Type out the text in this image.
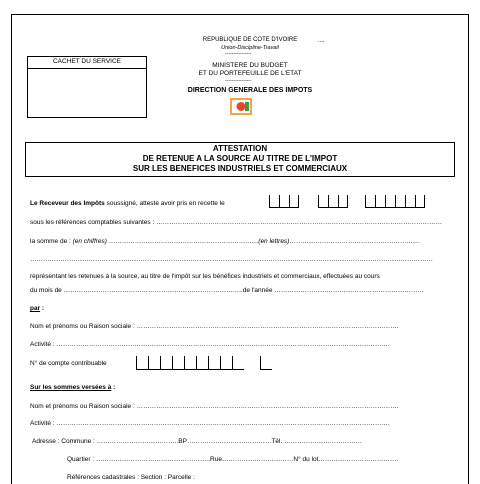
REPUBLIQUE DE COTE D'IVOIRE	....
Union-Discipline-Travail
----------------
MINISTERE DU BUDGET
ET DU PORTEFEUILLE DE L'ETAT
----------------
DIRECTION GENERALE DES IMPOTS
CACHET DU SERVICE
ATTESTATION
DE RETENUE A LA SOURCE AU TITRE DE L'IMPOT
SUR LES BENEFICES INDUSTRIELS ET COMMERCIAUX
Le Receveur des Impôts soussigné, atteste avoir pris en recette le
sous les références comptables suivantes : ……………………………………………………………………………………………………………………
la somme de : (en chiffres) ……………………………………………………………(en lettres)……………………………………………………
……………………………………………………………………………………………………………………………………………………………………
représentant les retenues à la source, au titre de l'impôt sur les bénéfices industriels et commerciaux, effectuées au cours
du mois de ………………………………………………………………………..de l'année ……………………………………………………………
par :
Nom et prénoms ou Raison sociale : ………………………………………………………………………………………………………….
Activité : ……………………………………………………………………………………………………………………………………….
N° de compte contribuable
Sur les sommes versées à :
Nom et prénoms ou Raison sociale : ………………………………………………………………………………………………………….
Activité : ……………………………………………………………………………………………………………………………………….
Adresse : Commune : ………………………………..BP…………………………………Tél. ………………………………
Quartier : ……………………………………………..Rue……………………………N° du lot……………………………….
Références cadastrales : Section : Parcelle :
